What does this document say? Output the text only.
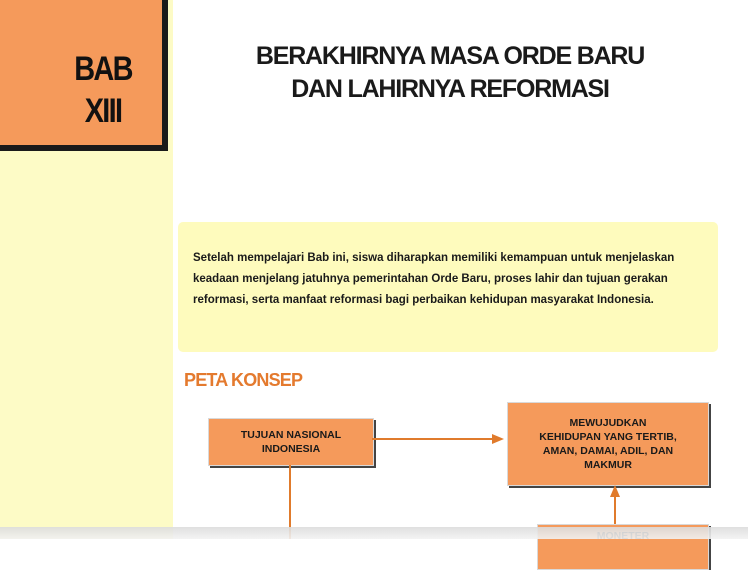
BAB
XIII
BERAKHIRNYA MASA ORDE BARU
DAN LAHIRNYA REFORMASI
Setelah mempelajari Bab ini, siswa diharapkan memiliki kemampuan untuk menjelaskan keadaan menjelang jatuhnya pemerintahan Orde Baru, proses lahir dan tujuan gerakan reformasi, serta manfaat reformasi bagi perbaikan kehidupan masyarakat Indonesia.
PETA KONSEP
TUJUAN NASIONAL
INDONESIA
MEWUJUDKAN
KEHIDUPAN YANG TERTIB,
AMAN, DAMAI, ADIL, DAN
MAKMUR
